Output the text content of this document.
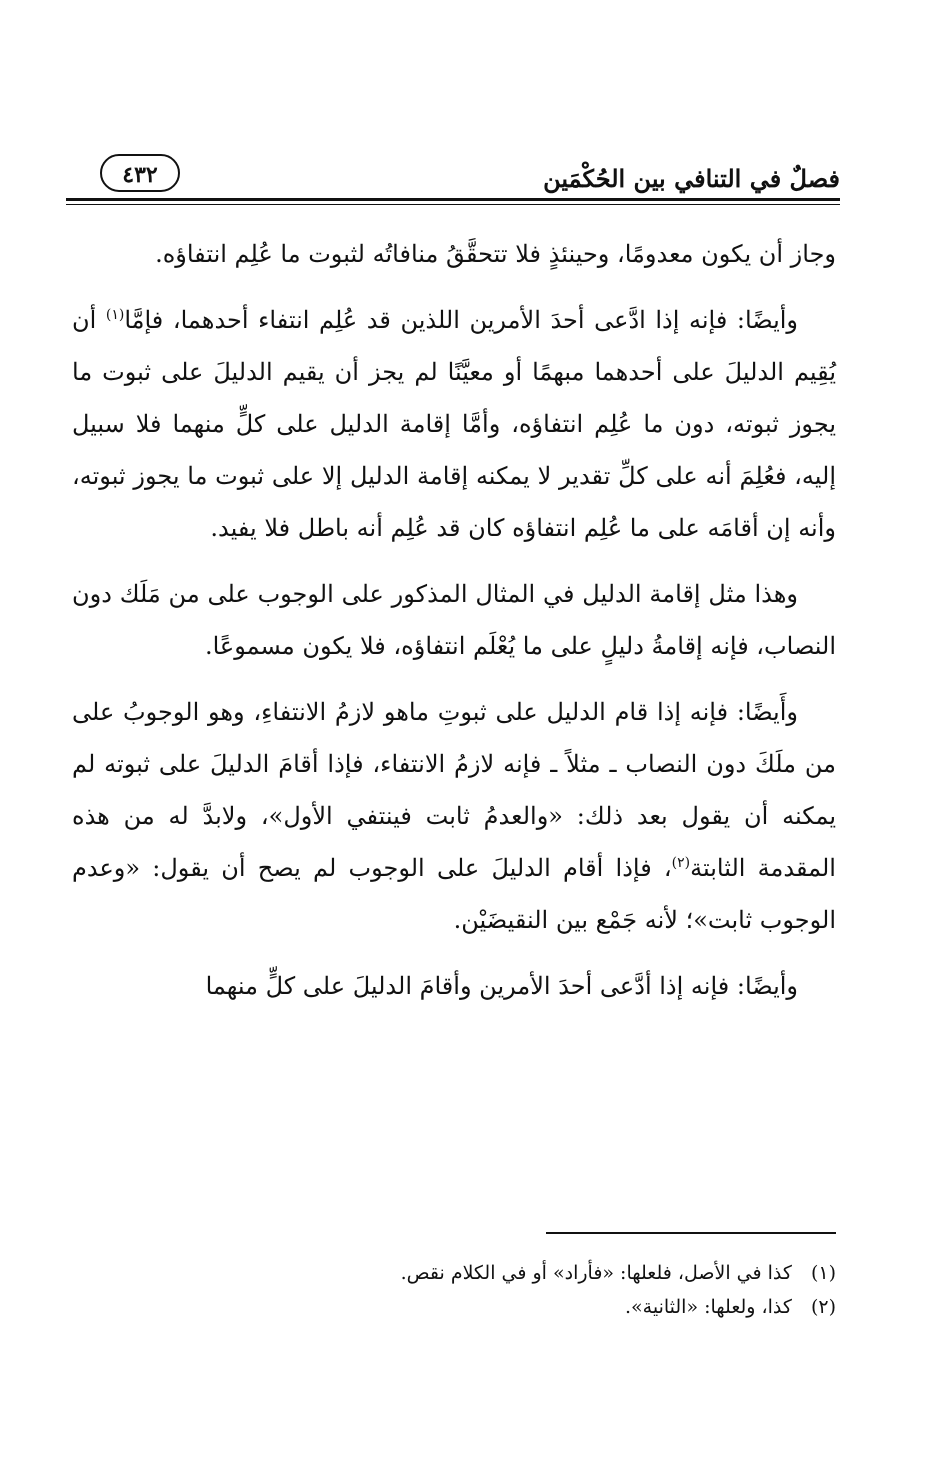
فصلٌ في التنافي بين الحُكْمَين
٤٣٢

وجاز أن يكون معدومًا، وحينئذٍ فلا تتحقَّقُ منافاتُه لثبوت ما عُلِم انتفاؤه.

وأيضًا: فإنه إذا ادَّعى أحدَ الأمرين اللذين قد عُلِم انتفاء أحدهما، فإمَّا$^{(١)}$ أن يُقِيم الدليلَ على أحدهما مبهمًا أو معيَّنًا لم يجز أن يقيم الدليلَ على ثبوت ما يجوز ثبوته، دون ما عُلِم انتفاؤه، وأمَّا إقامة الدليل على كلٍّ منهما فلا سبيل إليه، فعُلِمَ أنه على كلِّ تقدير لا يمكنه إقامة الدليل إلا على ثبوت ما يجوز ثبوته، وأنه إن أقامَه على ما عُلِم انتفاؤه كان قد عُلِم أنه باطل فلا يفيد.

وهذا مثل إقامة الدليل في المثال المذكور على الوجوب على من مَلَك دون النصاب، فإنه إقامةُ دليلٍ على ما يُعْلَم انتفاؤه، فلا يكون مسموعًا.

وأَيضًا: فإنه إذا قام الدليل على ثبوتِ ماهو لازمُ الانتفاءِ، وهو الوجوبُ على من ملَكَ دون النصاب ـ مثلاً ـ فإنه لازمُ الانتفاء، فإذا أقامَ الدليلَ على ثبوته لم يمكنه أن يقول بعد ذلك: «والعدمُ ثابت فينتفي الأول»، ولابدَّ له من هذه المقدمة الثابتة$^{(٢)}$، فإذا أقام الدليلَ على الوجوب لم يصح أن يقول: «وعدم الوجوب ثابت»؛ لأنه جَمْع بين النقيضَيْن.

وأيضًا: فإنه إذا أدَّعى أحدَ الأمرين وأقامَ الدليلَ على كلٍّ منهما

(١) كذا في الأصل، فلعلها: «فأراد» أو في الكلام نقص.
(٢) كذا، ولعلها: «الثانية».
